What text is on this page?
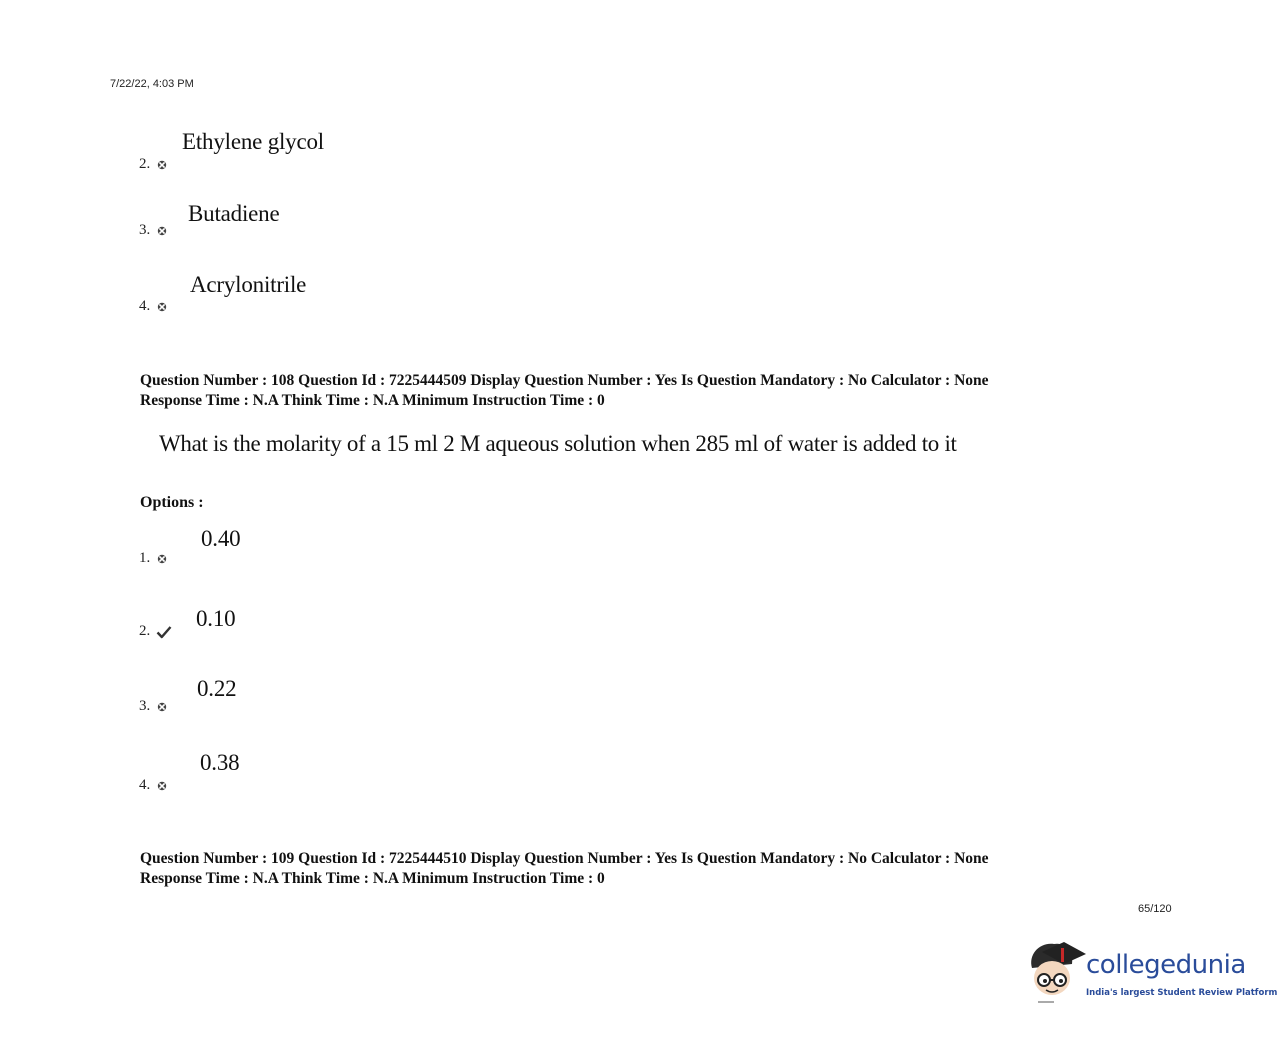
7/22/22, 4:03 PM
2.
Ethylene glycol
3.
Butadiene
4.
Acrylonitrile
Question Number : 108 Question Id : 7225444509 Display Question Number : Yes Is Question Mandatory : No Calculator : None
Response Time : N.A Think Time : N.A Minimum Instruction Time : 0
What is the molarity of a 15 ml 2 M aqueous solution when 285 ml of water is added to it
Options :
1.
0.40
2.	0.10
3.
0.22
4.
0.38
Question Number : 109 Question Id : 7225444510 Display Question Number : Yes Is Question Mandatory : No Calculator : None
Response Time : N.A Think Time : N.A Minimum Instruction Time : 0
65/120
collegedunia
India's largest Student Review Platform
